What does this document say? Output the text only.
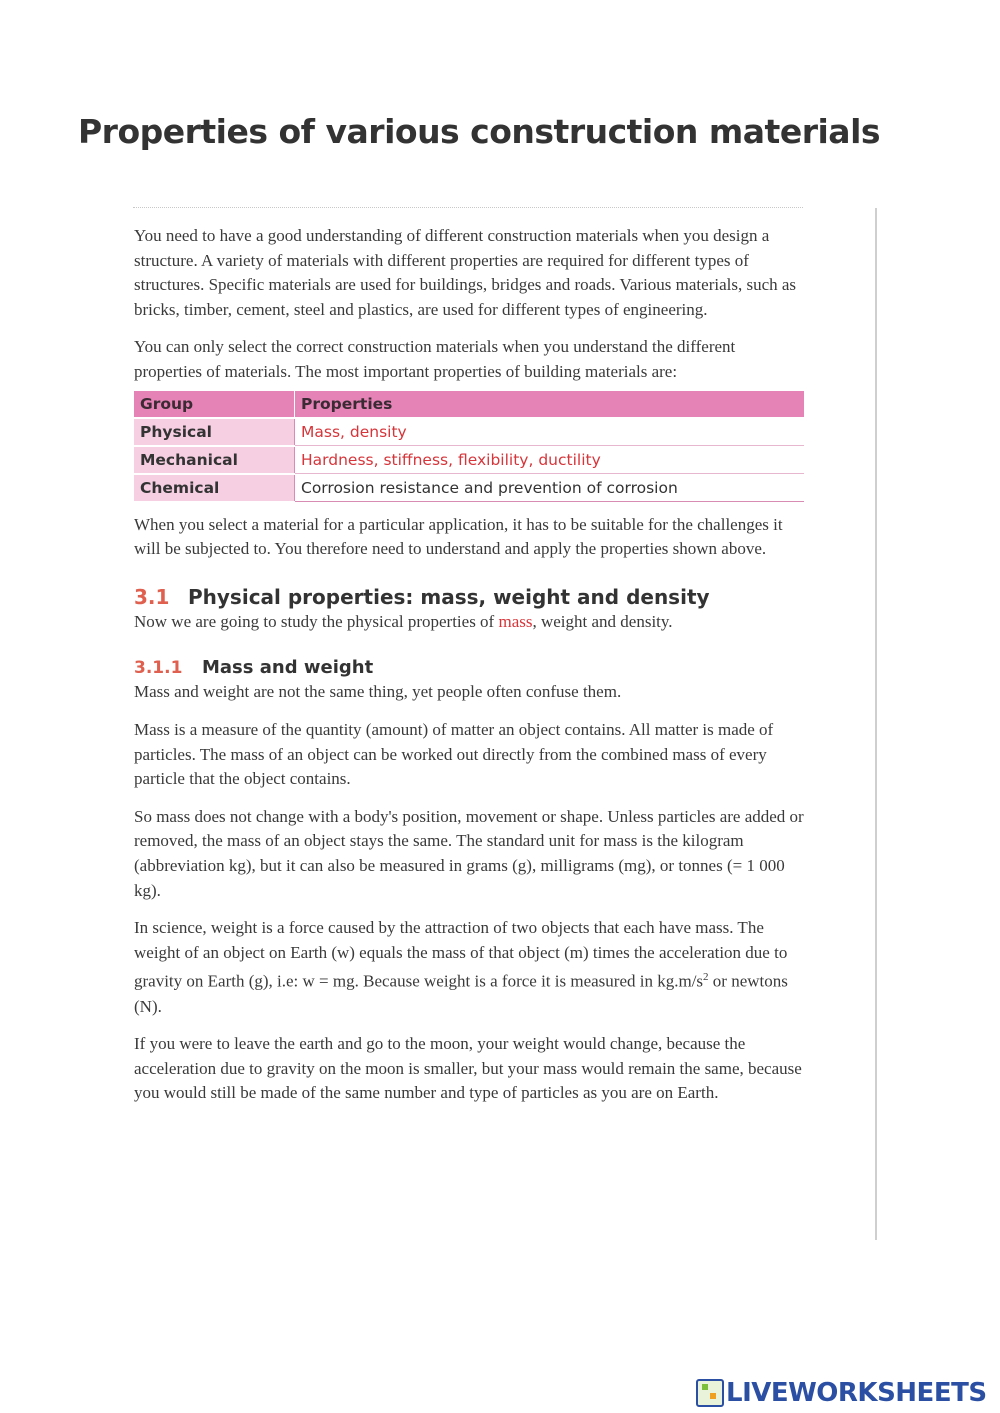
Properties of various construction materials

You need to have a good understanding of different construction materials when you design a structure. A variety of materials with different properties are required for different types of structures. Specific materials are used for buildings, bridges and roads. Various materials, such as bricks, timber, cement, steel and plastics, are used for different types of engineering.

You can only select the correct construction materials when you understand the different properties of materials. The most important properties of building materials are:

Group	Properties
Physical	Mass, density
Mechanical	Hardness, stiffness, flexibility, ductility
Chemical	Corrosion resistance and prevention of corrosion

When you select a material for a particular application, it has to be suitable for the challenges it will be subjected to. You therefore need to understand and apply the properties shown above.

3.1 Physical properties: mass, weight and density

Now we are going to study the physical properties of mass, weight and density.

3.1.1 Mass and weight

Mass and weight are not the same thing, yet people often confuse them.

Mass is a measure of the quantity (amount) of matter an object contains. All matter is made of particles. The mass of an object can be worked out directly from the combined mass of every particle that the object contains.

So mass does not change with a body's position, movement or shape. Unless particles are added or removed, the mass of an object stays the same. The standard unit for mass is the kilogram (abbreviation kg), but it can also be measured in grams (g), milligrams (mg), or tonnes (= 1 000 kg).

In science, weight is a force caused by the attraction of two objects that each have mass. The weight of an object on Earth (w) equals the mass of that object (m) times the acceleration due to gravity on Earth (g), i.e: w = mg. Because weight is a force it is measured in $kg.m/s^2$ or newtons (N).

If you were to leave the earth and go to the moon, your weight would change, because the acceleration due to gravity on the moon is smaller, but your mass would remain the same, because you would still be made of the same number and type of particles as you are on Earth.

LIVEWORKSHEETS
